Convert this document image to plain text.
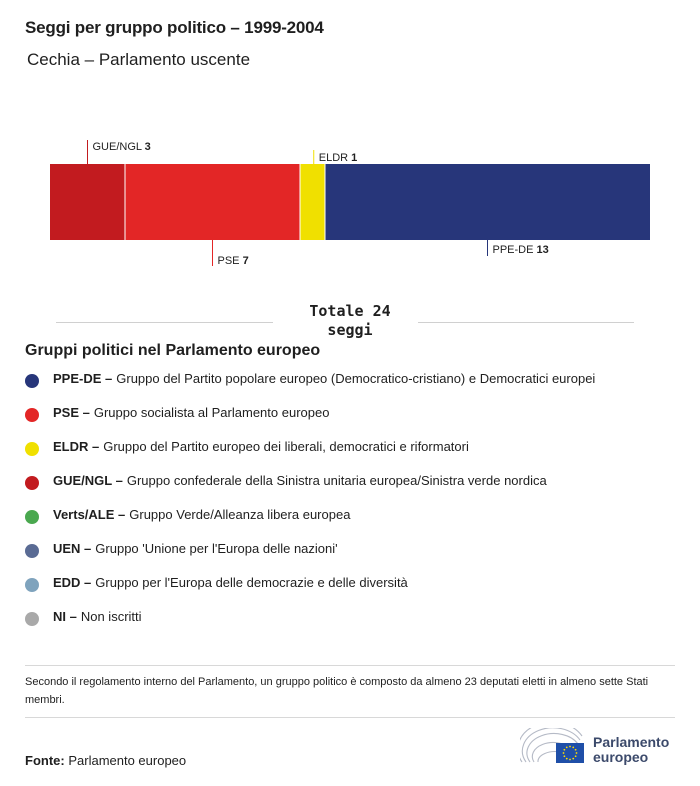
Seggi per gruppo politico – 1999-2004
Cechia – Parlamento uscente
GUE/NGL 3
PSE 7
ELDR 1
PPE-DE 13
Totale 24
seggi
Gruppi politici nel Parlamento europeo
PPE-DE – Gruppo del Partito popolare europeo (Democratico-cristiano) e Democratici europei
PSE – Gruppo socialista al Parlamento europeo
ELDR – Gruppo del Partito europeo dei liberali, democratici e riformatori
GUE/NGL – Gruppo confederale della Sinistra unitaria europea/Sinistra verde nordica
Verts/ALE – Gruppo Verde/Alleanza libera europea
UEN – Gruppo 'Unione per l'Europa delle nazioni'
EDD – Gruppo per l'Europa delle democrazie e delle diversità
NI – Non iscritti
Secondo il regolamento interno del Parlamento, un gruppo politico è composto da almeno 23 deputati eletti in almeno sette Stati membri.
Fonte: Parlamento europeo
Parlamento
europeo
